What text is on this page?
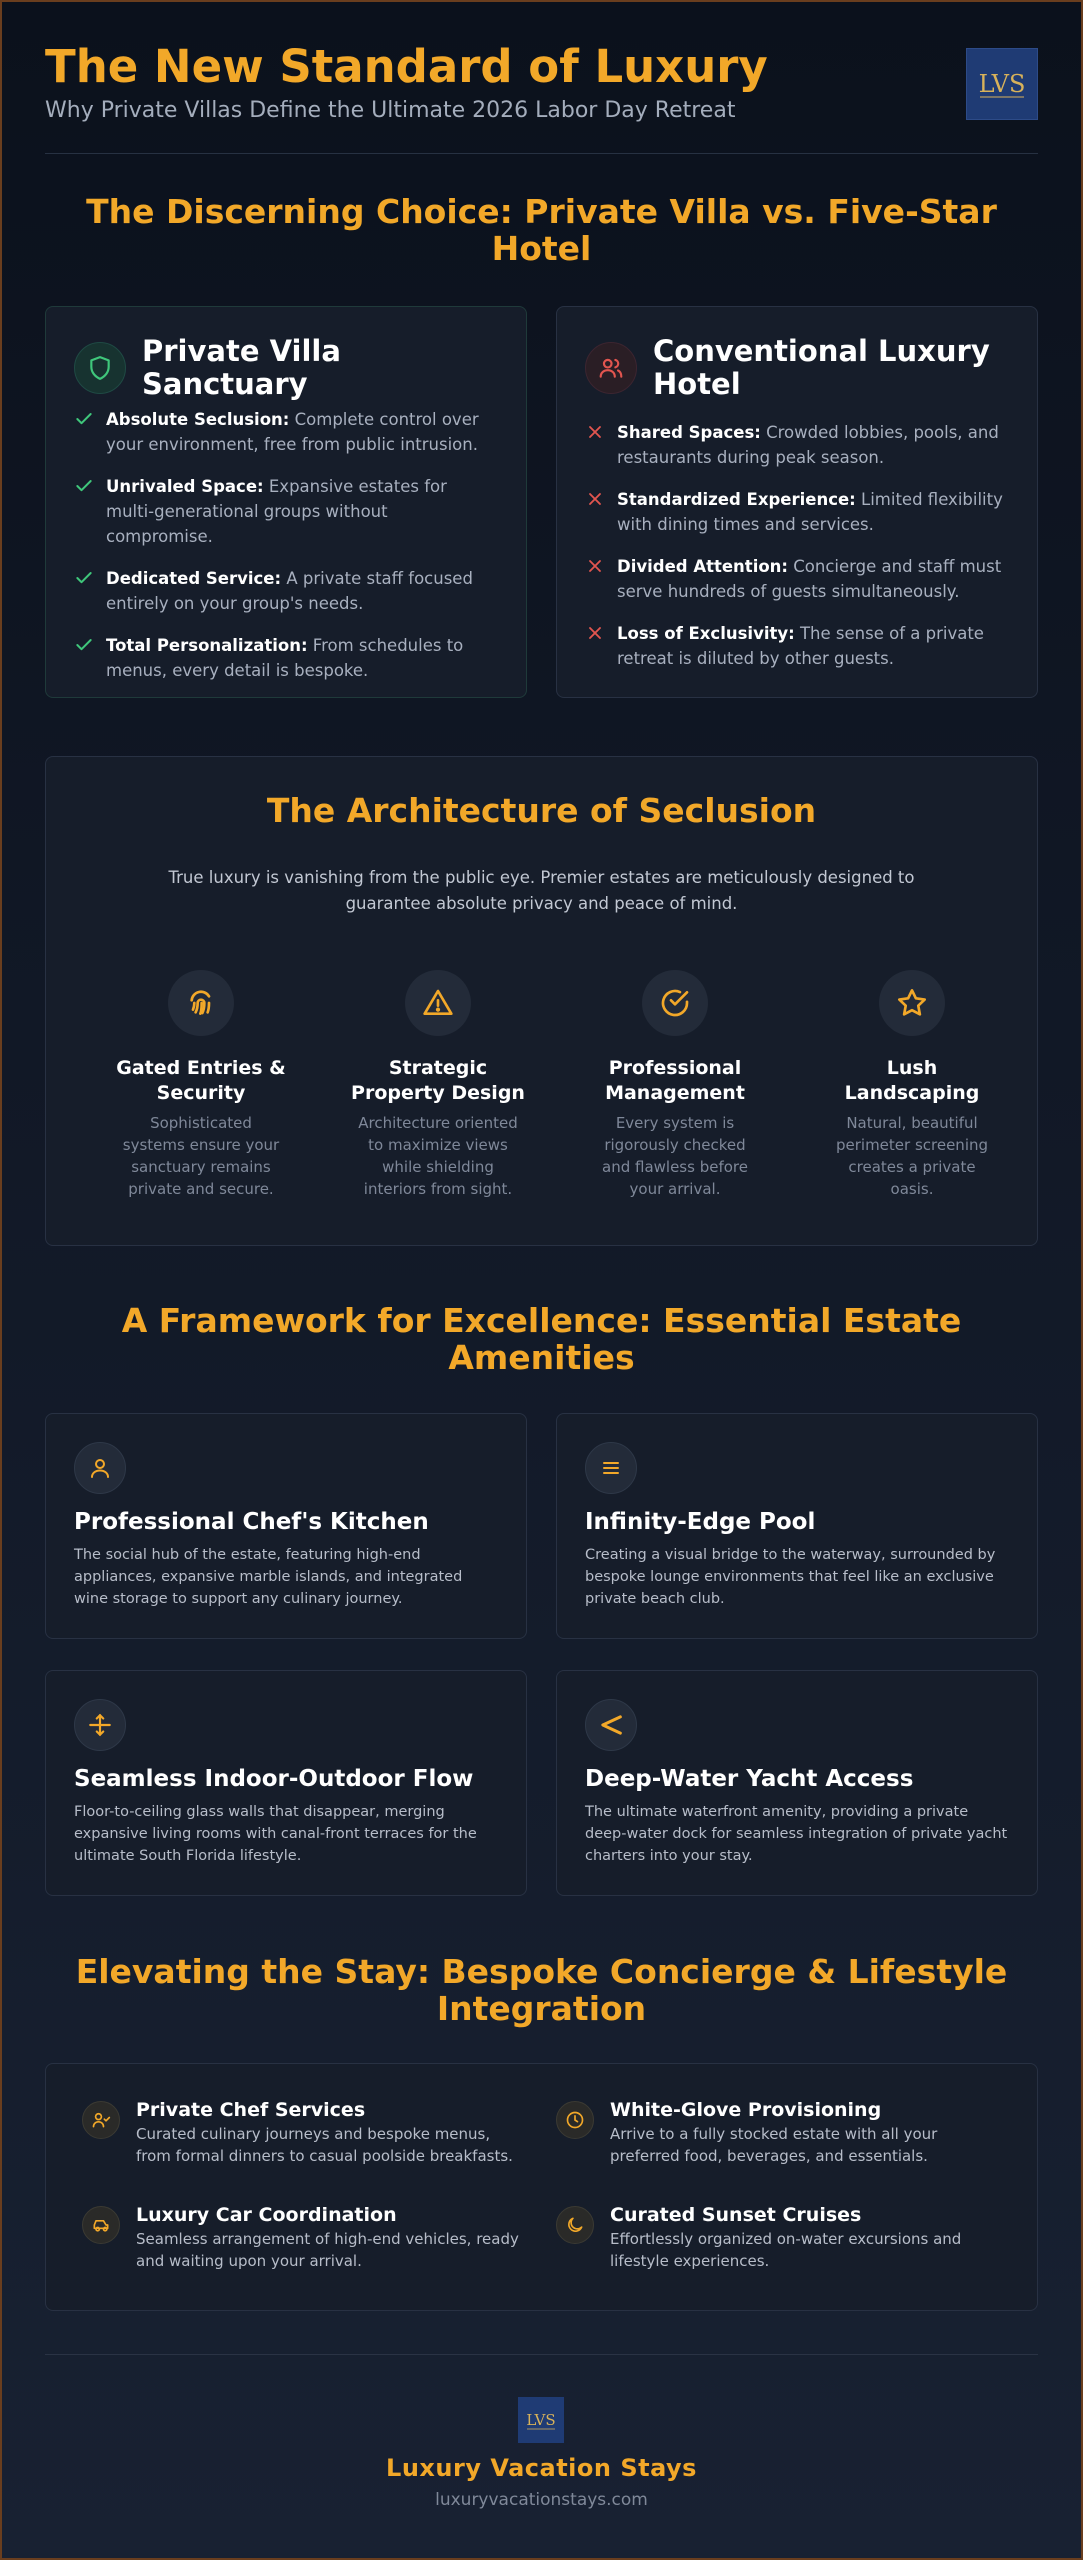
The New Standard of Luxury
Why Private Villas Define the Ultimate 2026 Labor Day Retreat
LVS
The Discerning Choice: Private Villa vs. Five-Star Hotel
Private Villa Sanctuary
Absolute Seclusion: Complete control over your environment, free from public intrusion.
Unrivaled Space: Expansive estates for multi-generational groups without compromise.
Dedicated Service: A private staff focused entirely on your group's needs.
Total Personalization: From schedules to menus, every detail is bespoke.
Conventional Luxury Hotel
Shared Spaces: Crowded lobbies, pools, and restaurants during peak season.
Standardized Experience: Limited flexibility with dining times and services.
Divided Attention: Concierge and staff must serve hundreds of guests simultaneously.
Loss of Exclusivity: The sense of a private retreat is diluted by other guests.
The Architecture of Seclusion
True luxury is vanishing from the public eye. Premier estates are meticulously designed to guarantee absolute privacy and peace of mind.
Gated Entries & Security
Sophisticated systems ensure your sanctuary remains private and secure.
Strategic Property Design
Architecture oriented to maximize views while shielding interiors from sight.
Professional Management
Every system is rigorously checked and flawless before your arrival.
Lush Landscaping
Natural, beautiful perimeter screening creates a private oasis.
A Framework for Excellence: Essential Estate Amenities
Professional Chef's Kitchen
The social hub of the estate, featuring high-end appliances, expansive marble islands, and integrated wine storage to support any culinary journey.
Infinity-Edge Pool
Creating a visual bridge to the waterway, surrounded by bespoke lounge environments that feel like an exclusive private beach club.
Seamless Indoor-Outdoor Flow
Floor-to-ceiling glass walls that disappear, merging expansive living rooms with canal-front terraces for the ultimate South Florida lifestyle.
Deep-Water Yacht Access
The ultimate waterfront amenity, providing a private deep-water dock for seamless integration of private yacht charters into your stay.
Elevating the Stay: Bespoke Concierge & Lifestyle Integration
Private Chef Services
Curated culinary journeys and bespoke menus, from formal dinners to casual poolside breakfasts.
White-Glove Provisioning
Arrive to a fully stocked estate with all your preferred food, beverages, and essentials.
Luxury Car Coordination
Seamless arrangement of high-end vehicles, ready and waiting upon your arrival.
Curated Sunset Cruises
Effortlessly organized on-water excursions and lifestyle experiences.
LVS
Luxury Vacation Stays
luxuryvacationstays.com
